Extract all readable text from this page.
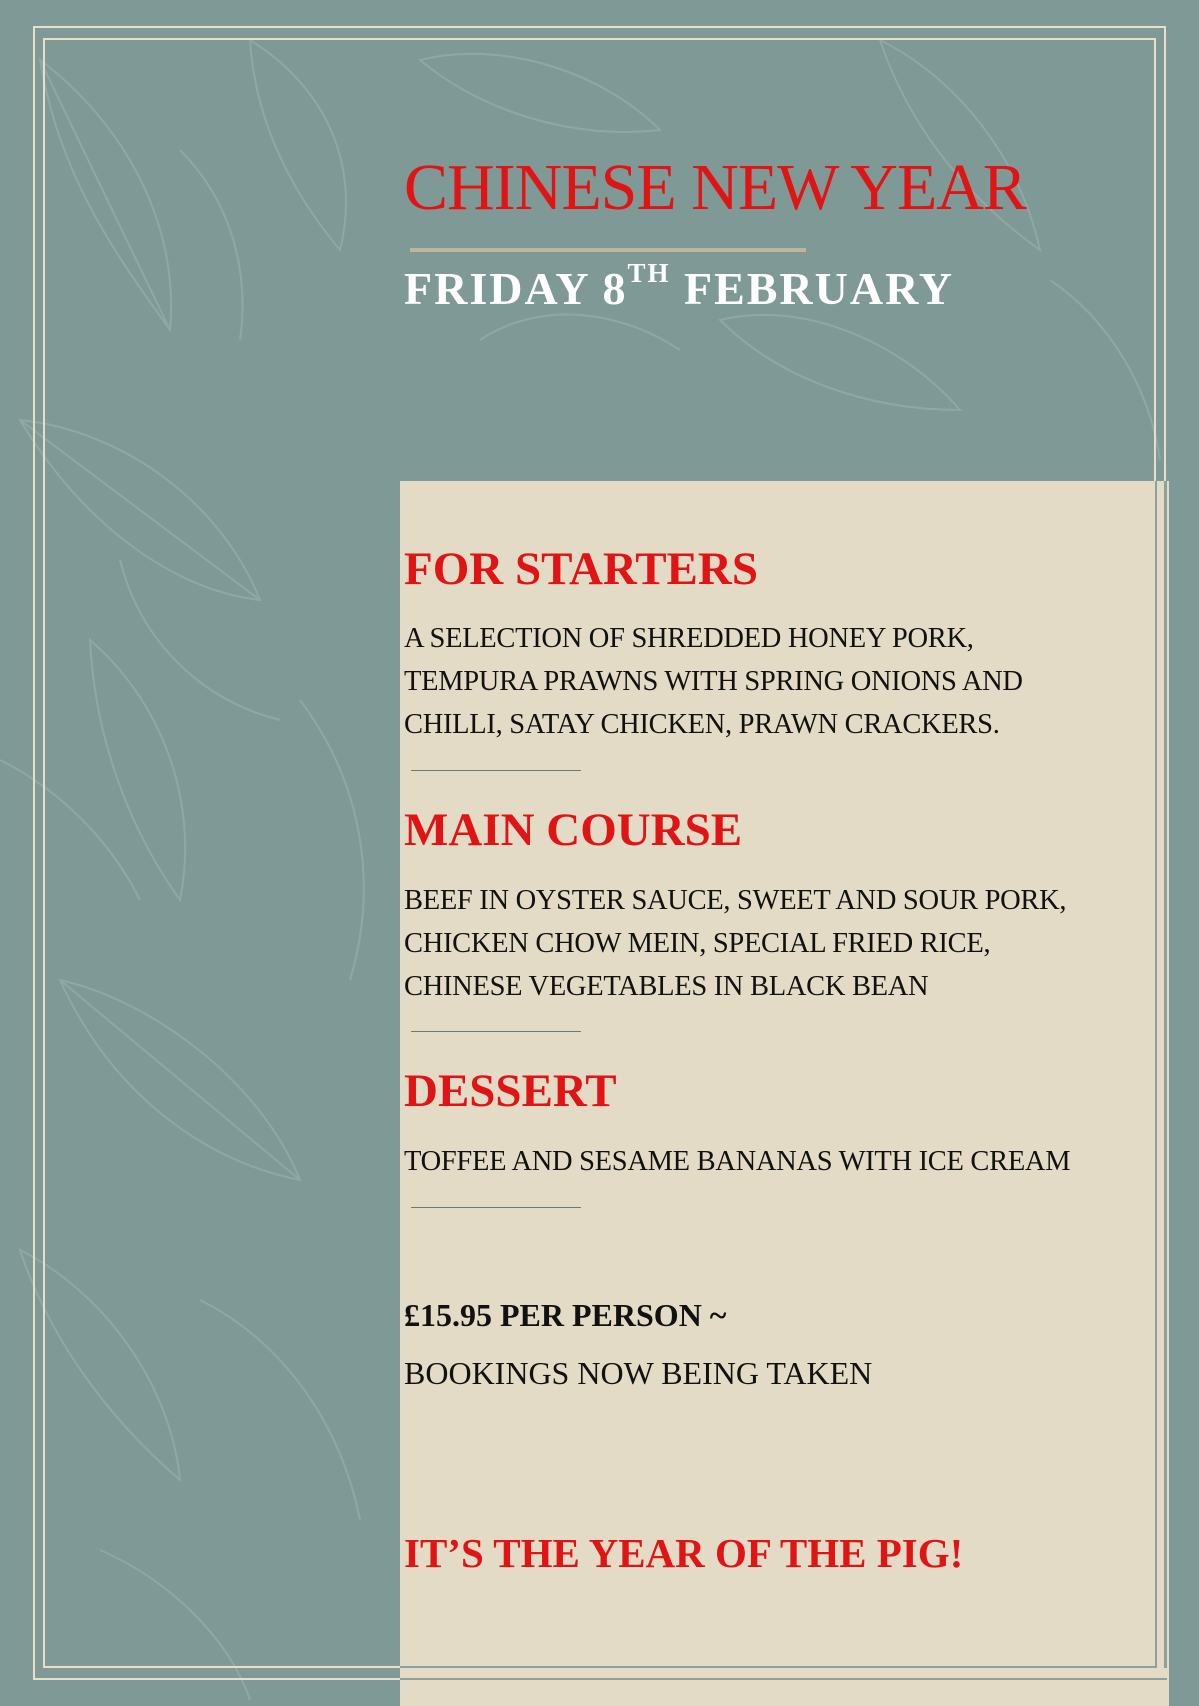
CHINESE NEW YEAR
FRIDAY 8TH FEBRUARY
FOR STARTERS

A SELECTION OF SHREDDED HONEY PORK,

TEMPURA PRAWNS WITH SPRING ONIONS AND

CHILLI, SATAY CHICKEN, PRAWN CRACKERS.

MAIN COURSE

BEEF IN OYSTER SAUCE, SWEET AND SOUR PORK,

CHICKEN CHOW MEIN, SPECIAL FRIED RICE,

CHINESE VEGETABLES IN BLACK BEAN

DESSERT

TOFFEE AND SESAME BANANAS WITH ICE CREAM

£15.95 PER PERSON ~

BOOKINGS NOW BEING TAKEN

IT’S THE YEAR OF THE PIG!
